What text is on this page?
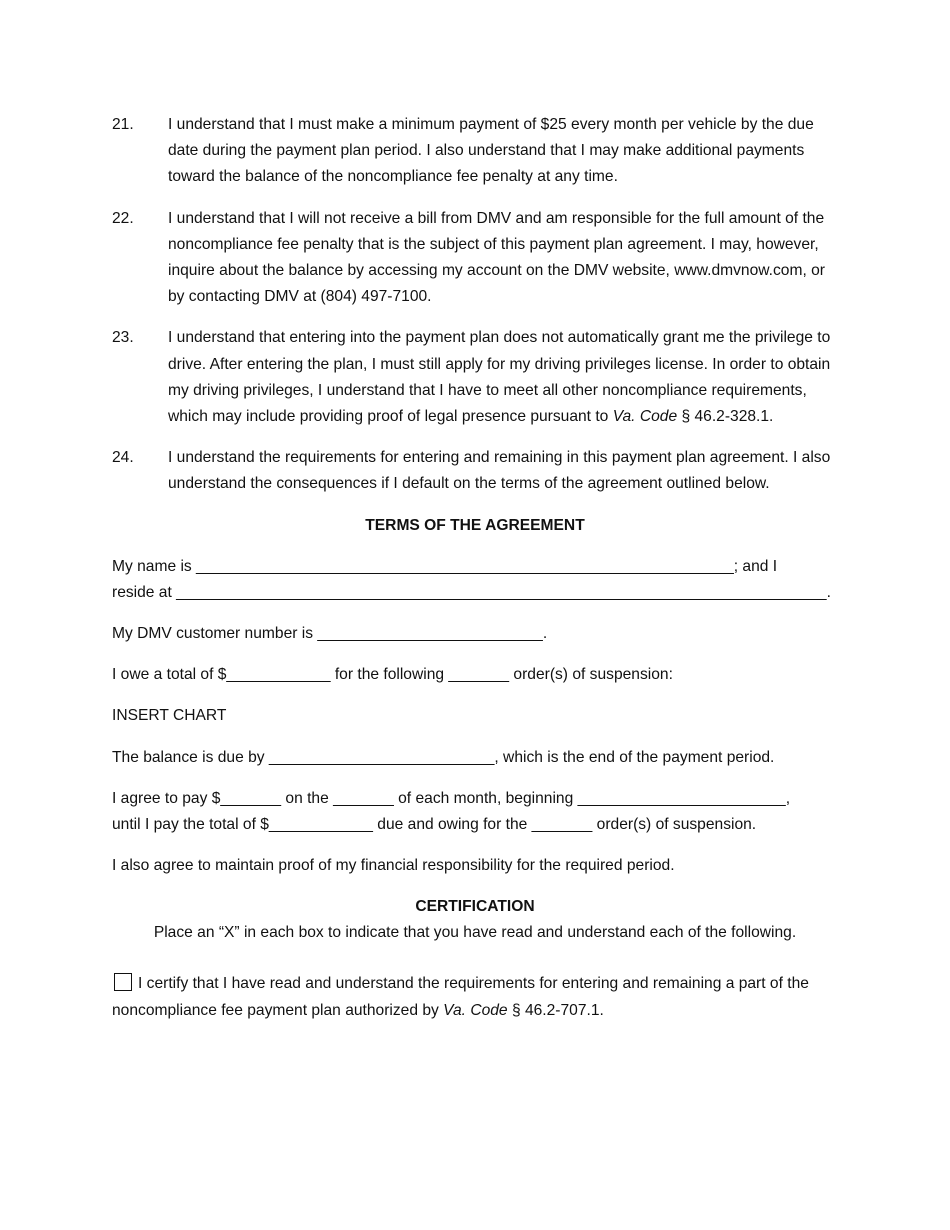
21.	I understand that I must make a minimum payment of $25 every month per vehicle by the due date during the payment plan period. I also understand that I may make additional payments toward the balance of the noncompliance fee penalty at any time.
22.	I understand that I will not receive a bill from DMV and am responsible for the full amount of the noncompliance fee penalty that is the subject of this payment plan agreement. I may, however, inquire about the balance by accessing my account on the DMV website, www.dmvnow.com, or by contacting DMV at (804) 497-7100.
23.	I understand that entering into the payment plan does not automatically grant me the privilege to drive. After entering the plan, I must still apply for my driving privileges license. In order to obtain my driving privileges, I understand that I have to meet all other noncompliance requirements, which may include providing proof of legal presence pursuant to Va. Code § 46.2-328.1.
24.	I understand the requirements for entering and remaining in this payment plan agreement. I also understand the consequences if I default on the terms of the agreement outlined below.
TERMS OF THE AGREEMENT
My name is ______________________________________________________________; and I
reside at ___________________________________________________________________________.
My DMV customer number is __________________________.
I owe a total of $____________ for the following _______ order(s) of suspension:
INSERT CHART
The balance is due by __________________________, which is the end of the payment period.
I agree to pay $_______ on the _______ of each month, beginning ________________________,
until I pay the total of $____________ due and owing for the _______ order(s) of suspension.
I also agree to maintain proof of my financial responsibility for the required period.
CERTIFICATION
Place an “X” in each box to indicate that you have read and understand each of the following.
I certify that I have read and understand the requirements for entering and remaining a part of the noncompliance fee payment plan authorized by Va. Code § 46.2-707.1.
